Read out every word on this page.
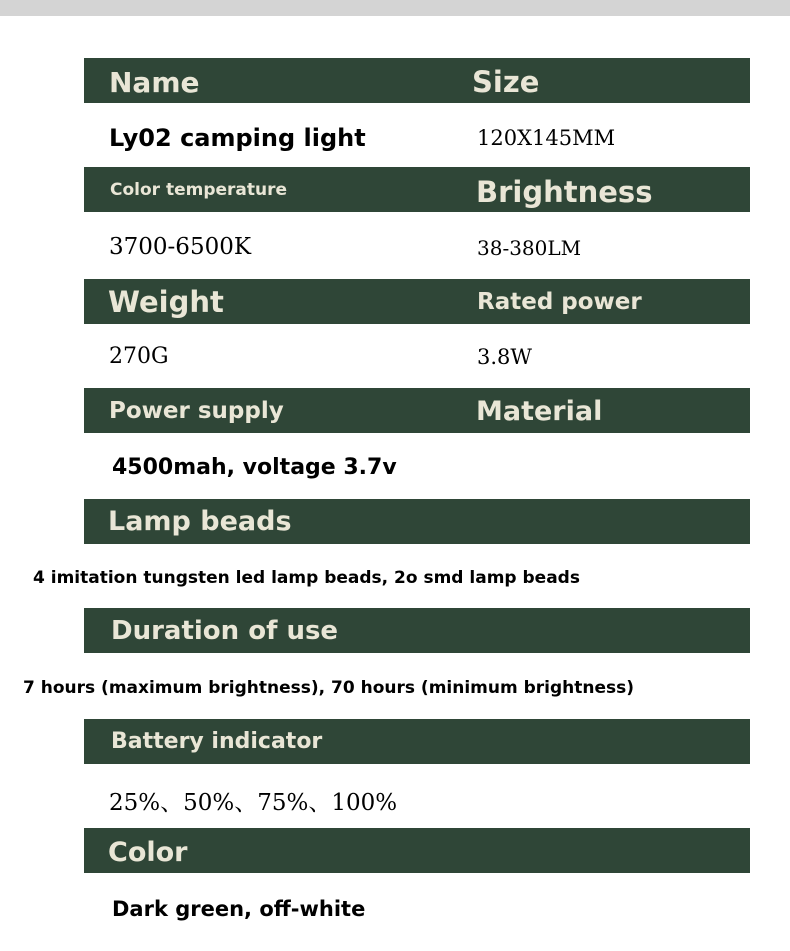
Name	Size
Ly02 camping light	120X145MM
Color temperature	Brightness
3700-6500K	38-380LM
Weight	Rated power
270G	3.8W
Power supply	Material
4500mah, voltage 3.7v
Lamp beads
4 imitation tungsten led lamp beads, 2o smd lamp beads
Duration of use
7 hours (maximum brightness), 70 hours (minimum brightness)
Battery indicator
25%、50%、75%、100%
Color
Dark green, off-white
